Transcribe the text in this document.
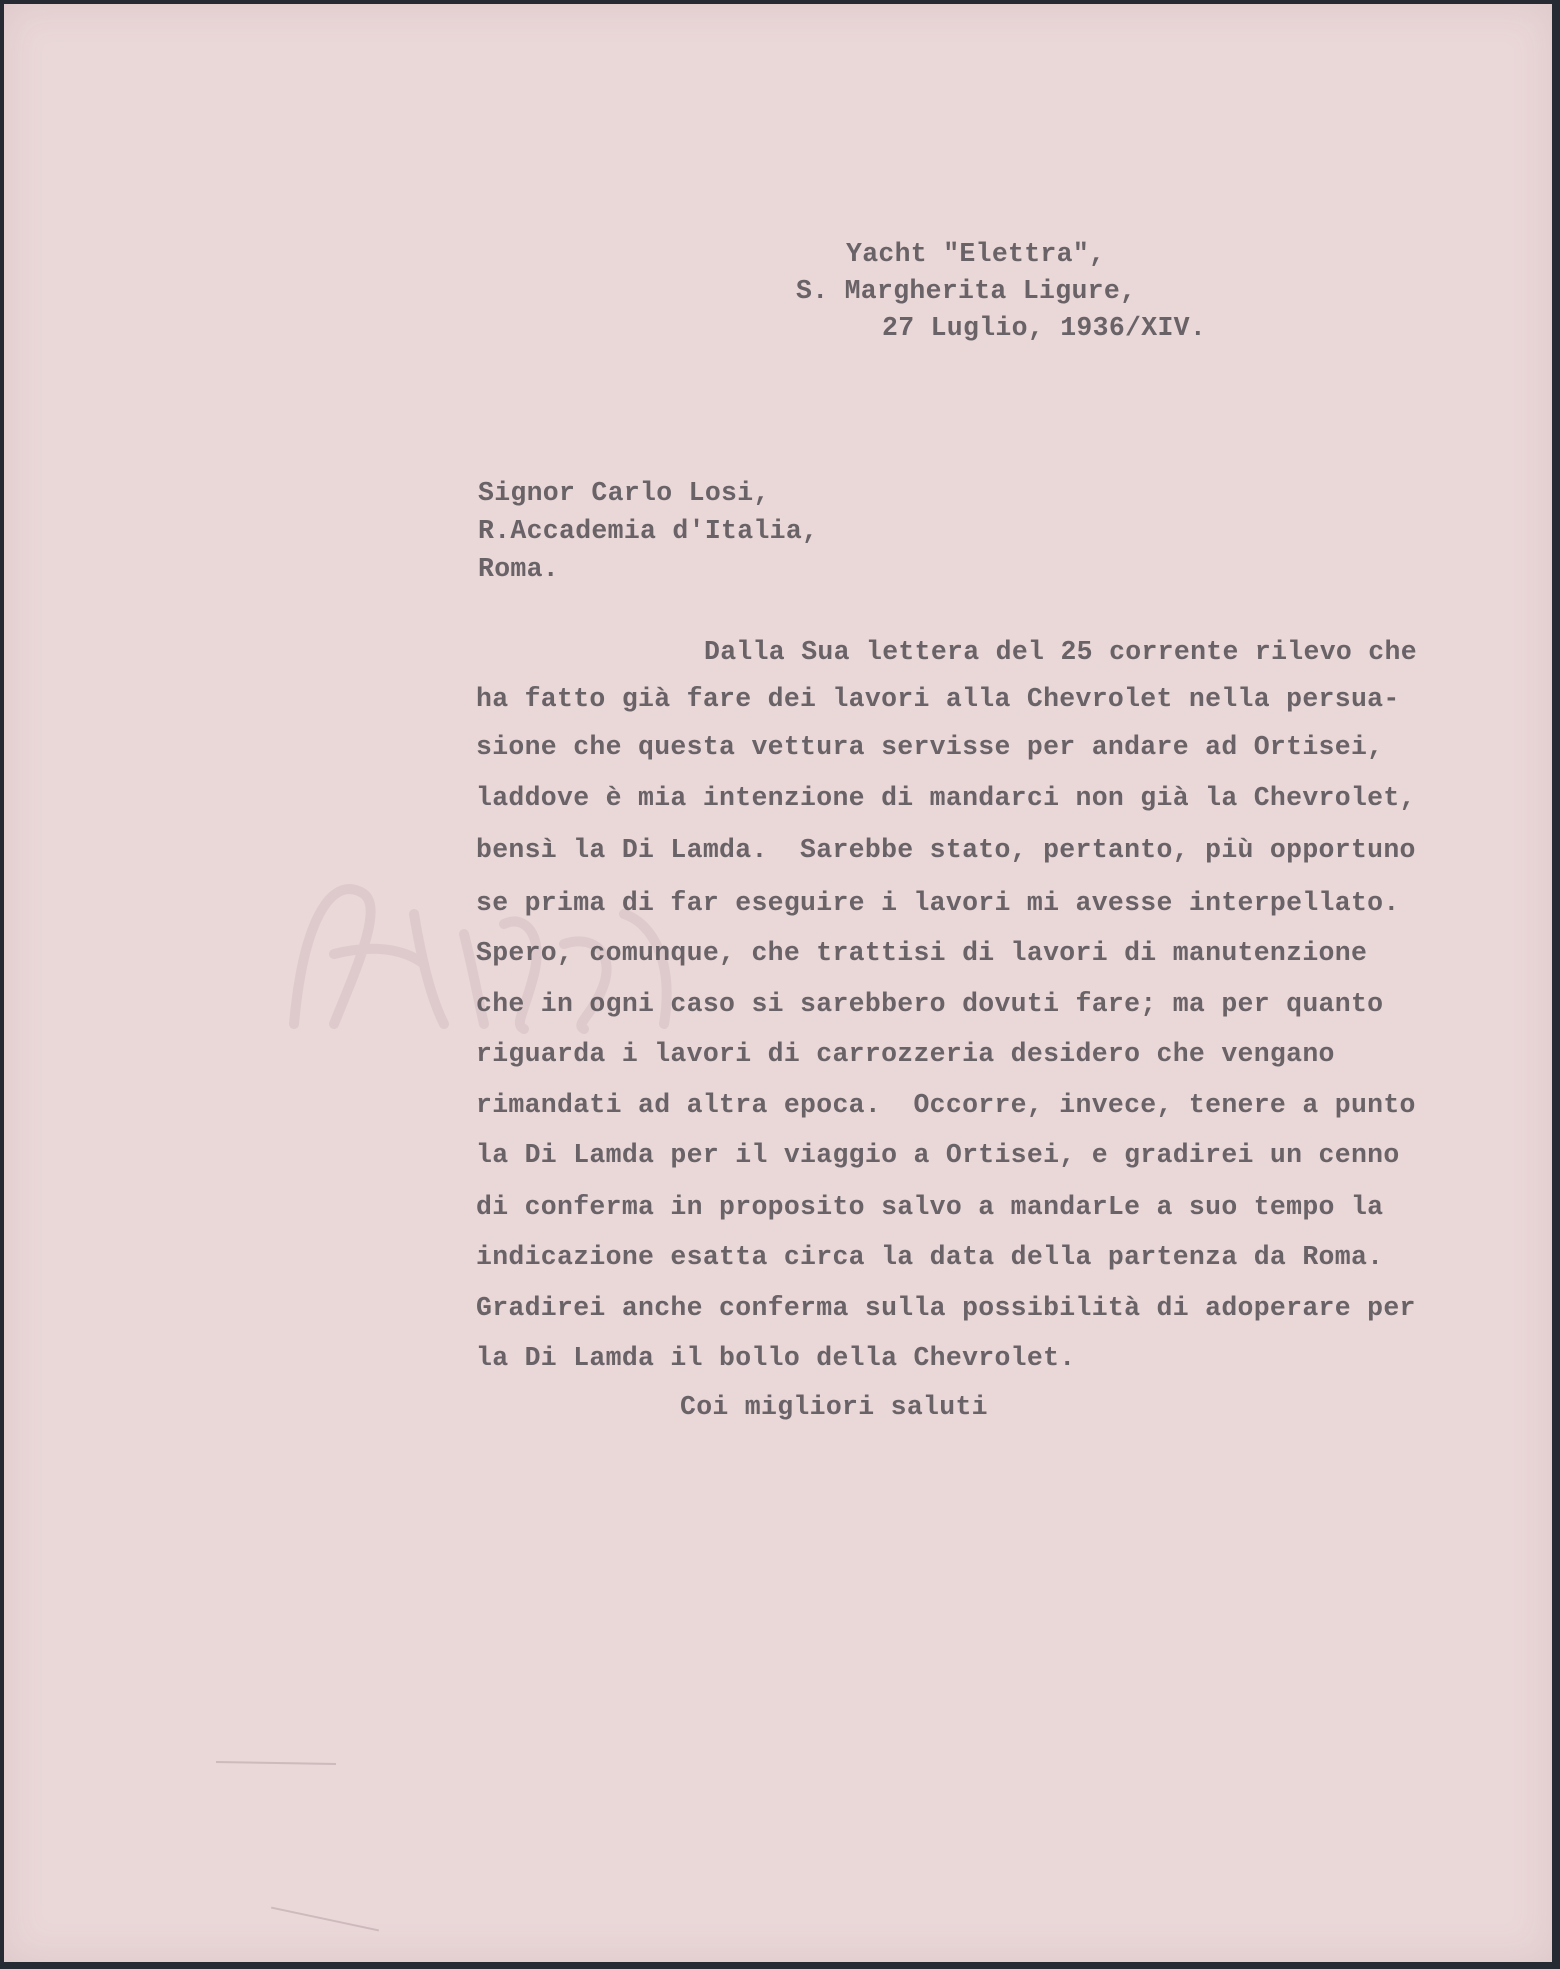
Yacht "Elettra",
S. Margherita Ligure,
27 Luglio, 1936/XIV.
Signor Carlo Losi,
R.Accademia d'Italia,
Roma.
Dalla Sua lettera del 25 corrente rilevo che
ha fatto già fare dei lavori alla Chevrolet nella persua-
sione che questa vettura servisse per andare ad Ortisei,
laddove è mia intenzione di mandarci non già la Chevrolet,
bensì la Di Lamda.  Sarebbe stato, pertanto, più opportuno
se prima di far eseguire i lavori mi avesse interpellato.
Spero, comunque, che trattisi di lavori di manutenzione
che in ogni caso si sarebbero dovuti fare; ma per quanto
riguarda i lavori di carrozzeria desidero che vengano
rimandati ad altra epoca.  Occorre, invece, tenere a punto
la Di Lamda per il viaggio a Ortisei, e gradirei un cenno
di conferma in proposito salvo a mandarLe a suo tempo la
indicazione esatta circa la data della partenza da Roma.
Gradirei anche conferma sulla possibilità di adoperare per
la Di Lamda il bollo della Chevrolet.
Coi migliori saluti
